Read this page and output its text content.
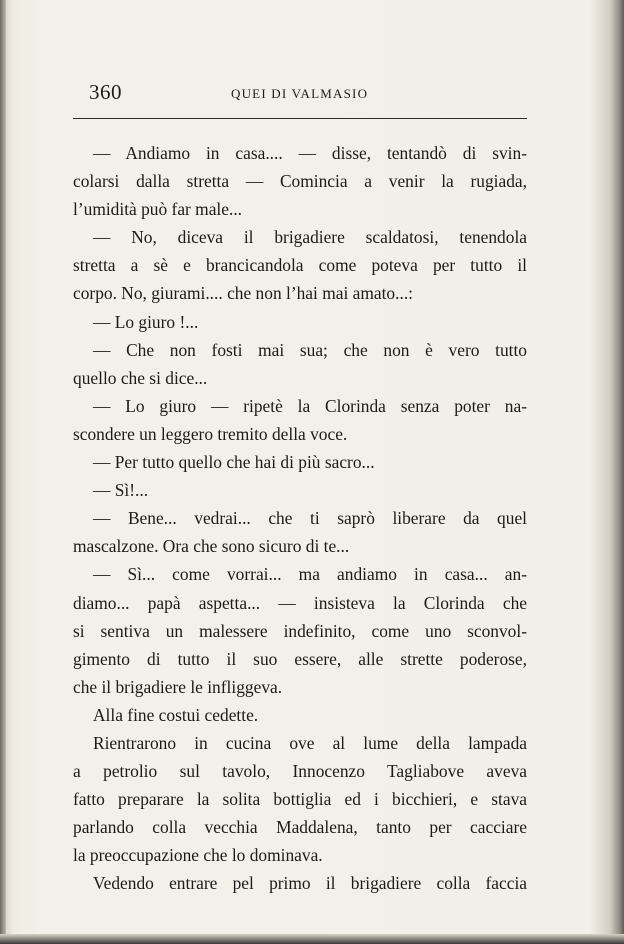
360	QUEI DI VALMASIO

— Andiamo in casa.... — disse, tentandò di svin-

colarsi dalla stretta — Comincia a venir la rugiada,

l’umidità può far male...

— No, diceva il brigadiere scaldatosi, tenendola

stretta a sè e brancicandola come poteva per tutto il

corpo. No, giurami.... che non l’hai mai amato...:

— Lo giuro !...

— Che non fosti mai sua; che non è vero tutto

quello che si dice...

— Lo giuro — ripetè la Clorinda senza poter na-

scondere un leggero tremito della voce.

— Per tutto quello che hai di più sacro...

— Sì!...

— Bene... vedrai... che ti saprò liberare da quel

mascalzone. Ora che sono sicuro di te...

— Sì... come vorrai... ma andiamo in casa... an-

diamo... papà aspetta... — insisteva la Clorinda che

si sentiva un malessere indefinito, come uno sconvol-

gimento di tutto il suo essere, alle strette poderose,

che il brigadiere le infliggeva.

Alla fine costui cedette.

Rientrarono in cucina ove al lume della lampada

a petrolio sul tavolo, Innocenzo Tagliabove aveva

fatto preparare la solita bottiglia ed i bicchieri, e stava

parlando colla vecchia Maddalena, tanto per cacciare

la preoccupazione che lo dominava.

Vedendo entrare pel primo il brigadiere colla faccia
